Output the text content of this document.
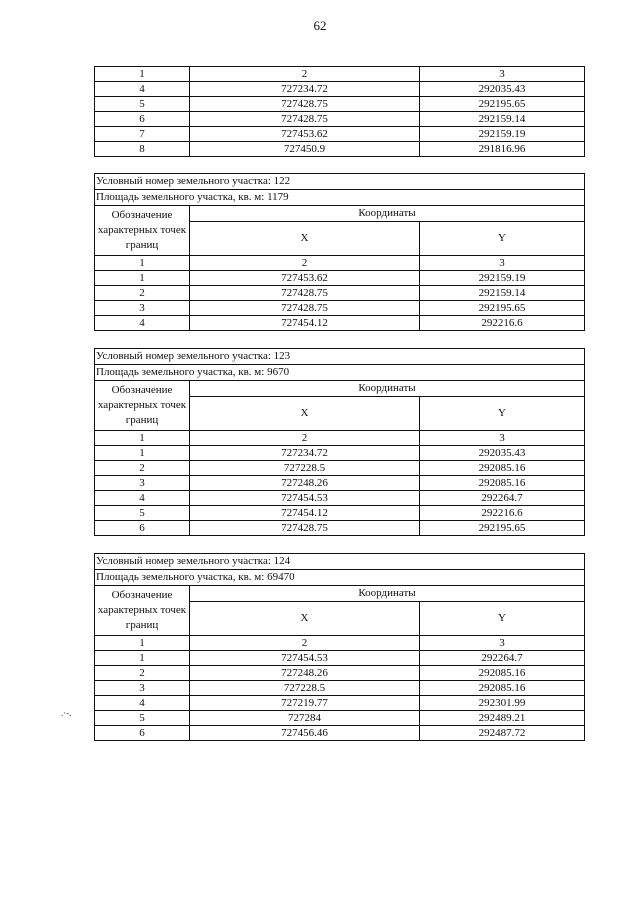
62
1	2	3
4	727234.72	292035.43
5	727428.75	292195.65
6	727428.75	292159.14
7	727453.62	292159.19
8	727450.9	291816.96
Условный номер земельного участка: 122		
Площадь земельного участка, кв. м: 1179		
Обозначение характерных точек границ	Координаты	
	X	Y
1	2	3
1	727453.62	292159.19
2	727428.75	292159.14
3	727428.75	292195.65
4	727454.12	292216.6
Условный номер земельного участка: 123		
Площадь земельного участка, кв. м: 9670		
Обозначение характерных точек границ	Координаты	
	X	Y
1	2	3
1	727234.72	292035.43
2	727228.5	292085.16
3	727248.26	292085.16
4	727454.53	292264.7
5	727454.12	292216.6
6	727428.75	292195.65
Условный номер земельного участка: 124		
Площадь земельного участка, кв. м: 69470		
Обозначение характерных точек границ	Координаты	
	X	Y
1	2	3
1	727454.53	292264.7
2	727248.26	292085.16
3	727228.5	292085.16
4	727219.77	292301.99
5	727284	292489.21
6	727456.46	292487.72
.·-.
